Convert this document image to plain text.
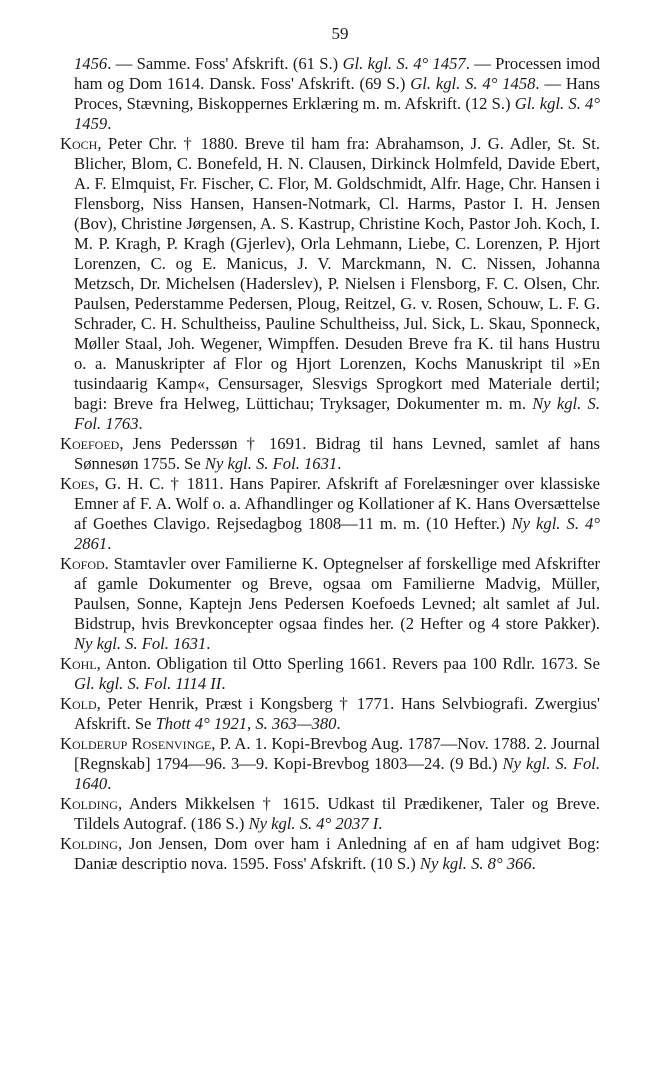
59

1456. — Samme. Foss' Afskrift. (61 S.) Gl. kgl. S. 4° 1457. — Processen imod ham og Dom 1614. Dansk. Foss' Afskrift. (69 S.) Gl. kgl. S. 4° 1458. — Hans Proces, Stævning, Biskoppernes Erklæring m. m. Afskrift. (12 S.) Gl. kgl. S. 4° 1459.

Koch, Peter Chr. † 1880. Breve til ham fra: Abrahamson, J. G. Adler, St. St. Blicher, Blom, C. Bonefeld, H. N. Clausen, Dirkinck Holmfeld, Davide Ebert, A. F. Elmquist, Fr. Fischer, C. Flor, M. Goldschmidt, Alfr. Hage, Chr. Hansen i Flensborg, Niss Hansen, Hansen-Notmark, Cl. Harms, Pastor I. H. Jensen (Bov), Christine Jørgensen, A. S. Kastrup, Christine Koch, Pastor Joh. Koch, I. M. P. Kragh, P. Kragh (Gjerlev), Orla Lehmann, Liebe, C. Lorenzen, P. Hjort Lorenzen, C. og E. Manicus, J. V. Marckmann, N. C. Nissen, Johanna Metzsch, Dr. Michelsen (Haderslev), P. Nielsen i Flensborg, F. C. Olsen, Chr. Paulsen, Pederstamme Pedersen, Ploug, Reitzel, G. v. Rosen, Schouw, L. F. G. Schrader, C. H. Schultheiss, Pauline Schultheiss, Jul. Sick, L. Skau, Sponneck, Møller Staal, Joh. Wegener, Wimpffen. Desuden Breve fra K. til hans Hustru o. a. Manuskripter af Flor og Hjort Lorenzen, Kochs Manuskript til »En tusindaarig Kamp«, Censursager, Slesvigs Sprogkort med Materiale dertil; bagi: Breve fra Helweg, Lüttichau; Tryksager, Dokumenter m. m. Ny kgl. S. Fol. 1763.

Koefoed, Jens Pederssøn † 1691. Bidrag til hans Levned, samlet af hans Sønnesøn 1755. Se Ny kgl. S. Fol. 1631.

Koes, G. H. C. † 1811. Hans Papirer. Afskrift af Forelæsninger over klassiske Emner af F. A. Wolf o. a. Afhandlinger og Kollationer af K. Hans Oversættelse af Goethes Clavigo. Rejsedagbog 1808—11 m. m. (10 Hefter.) Ny kgl. S. 4° 2861.

Kofod. Stamtavler over Familierne K. Optegnelser af forskellige med Afskrifter af gamle Dokumenter og Breve, ogsaa om Familierne Madvig, Müller, Paulsen, Sonne, Kaptejn Jens Pedersen Koefoeds Levned; alt samlet af Jul. Bidstrup, hvis Brevkoncepter ogsaa findes her. (2 Hefter og 4 store Pakker). Ny kgl. S. Fol. 1631.

Kohl, Anton. Obligation til Otto Sperling 1661. Revers paa 100 Rdlr. 1673. Se Gl. kgl. S. Fol. 1114 II.

Kold, Peter Henrik, Præst i Kongsberg † 1771. Hans Selvbiografi. Zwergius' Afskrift. Se Thott 4° 1921, S. 363—380.

Kolderup Rosenvinge, P. A. 1. Kopi-Brevbog Aug. 1787—Nov. 1788. 2. Journal [Regnskab] 1794—96. 3—9. Kopi-Brevbog 1803—24. (9 Bd.) Ny kgl. S. Fol. 1640.

Kolding, Anders Mikkelsen † 1615. Udkast til Prædikener, Taler og Breve. Tildels Autograf. (186 S.) Ny kgl. S. 4° 2037 I.

Kolding, Jon Jensen, Dom over ham i Anledning af en af ham udgivet Bog: Daniæ descriptio nova. 1595. Foss' Afskrift. (10 S.) Ny kgl. S. 8° 366.
